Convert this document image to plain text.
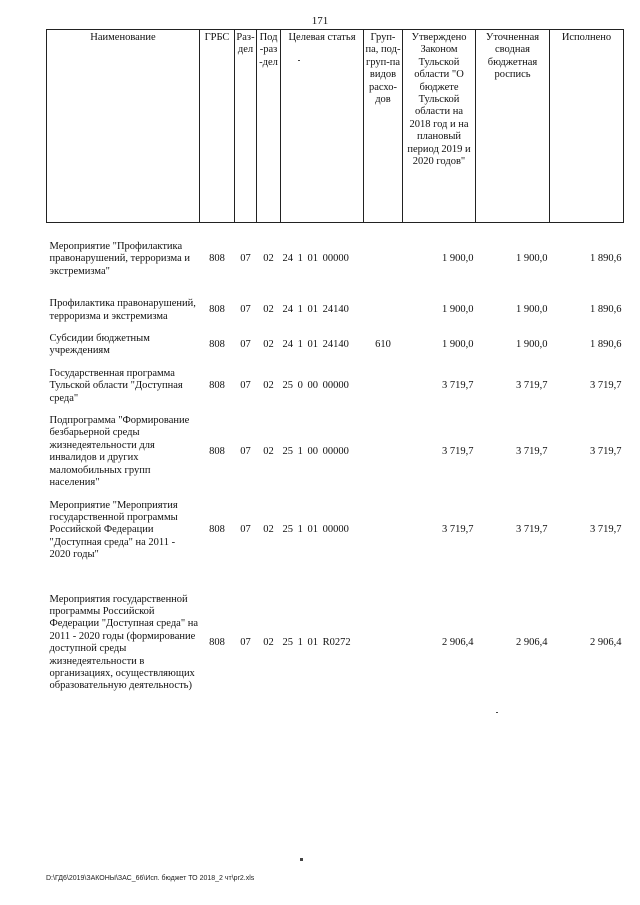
171
Наименование	ГРБС	Раз-дел	Под-раз-дел	Целевая статья	Груп-па, под-груп-па видов расхо-дов	Утверждено Законом Тульской области "О бюджете Тульской области на 2018 год и на плановый период 2019 и 2020 годов"	Уточненная сводная бюджетная роспись	Исполнено

Мероприятие "Профилактика правонарушений, терроризма и экстремизма"	808	07	02	24 1 01 00000		1 900,0	1 900,0	1 890,6

Профилактика правонарушений, терроризма и экстремизма	808	07	02	24 1 01 24140		1 900,0	1 900,0	1 890,6

Субсидии бюджетным учреждениям	808	07	02	24 1 01 24140	610	1 900,0	1 900,0	1 890,6

Государственная программа Тульской области "Доступная среда"	808	07	02	25 0 00 00000		3 719,7	3 719,7	3 719,7

Подпрограмма "Формирование безбарьерной среды жизнедеятельности для инвалидов и других маломобильных групп населения"	808	07	02	25 1 00 00000		3 719,7	3 719,7	3 719,7

Мероприятие "Мероприятия государственной программы Российской Федерации "Доступная среда" на 2011 - 2020 годы"	808	07	02	25 1 01 00000		3 719,7	3 719,7	3 719,7

Мероприятия государственной программы Российской Федерации "Доступная среда" на 2011 - 2020 годы (формирование доступной среды жизнедеятельности в организациях, осуществляющих образовательную деятельность)	808	07	02	25 1 01 R0272		2 906,4	2 906,4	2 906,4
D:\ГД6\2019\ЗАКОНЫ\ЗАС_66\Исп. бюджет ТО 2018_2 чт\pr2.xls
